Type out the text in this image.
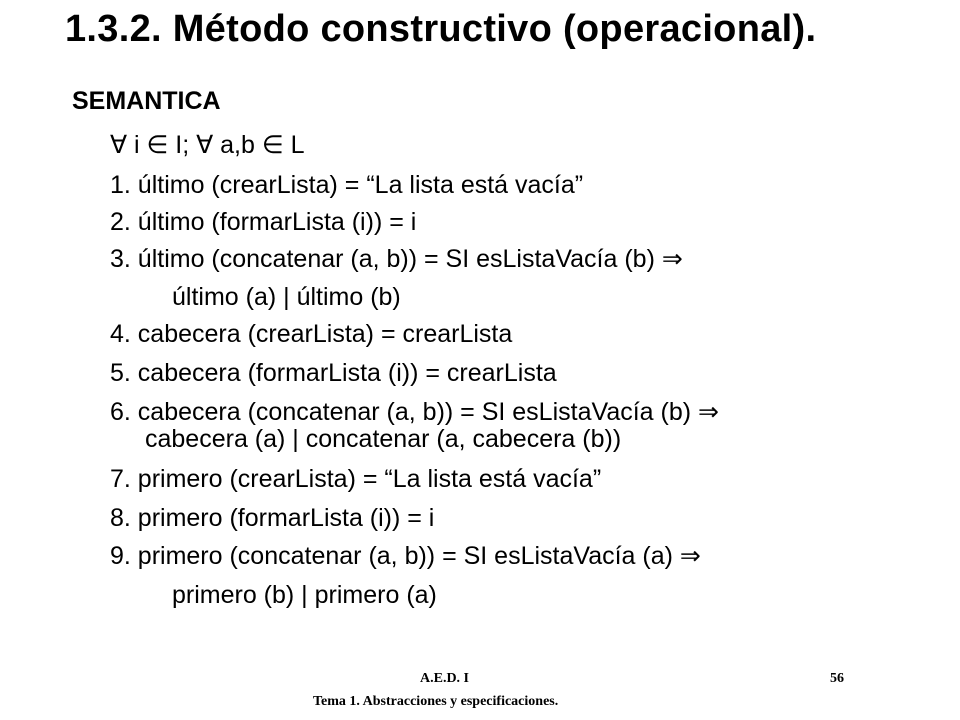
1.3.2. Método constructivo (operacional).
SEMANTICA
∀ i ∈ I; ∀ a,b ∈ L
1. último (crearLista) = “La lista está vacía”
2. último (formarLista (i)) = i
3. último (concatenar (a, b)) = SI esListaVacía (b) ⇒
último (a) | último (b)
4. cabecera (crearLista) = crearLista
5. cabecera (formarLista (i)) = crearLista
6. cabecera (concatenar (a, b)) = SI esListaVacía (b) ⇒
cabecera (a) | concatenar (a, cabecera (b))
7. primero (crearLista) = “La lista está vacía”
8. primero (formarLista (i)) = i
9. primero (concatenar (a, b)) = SI esListaVacía (a) ⇒
primero (b) | primero (a)
A.E.D. I	56
Tema 1. Abstracciones y especificaciones.
